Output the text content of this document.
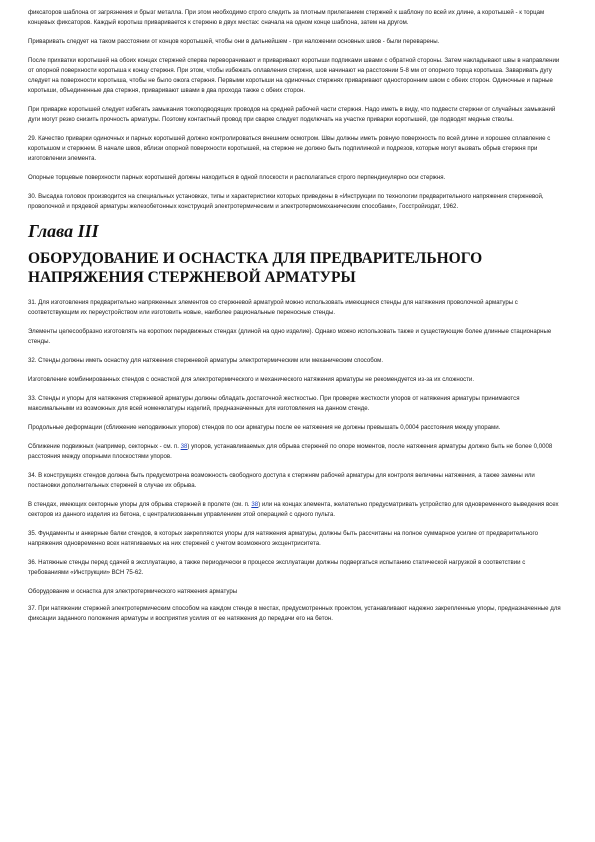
фиксаторов шаблона от загрязнения и брызг металла. При этом необходимо строго следить за плотным прилеганием стержней к шаблону по всей их длине, а коротышей - к торцам концевых фиксаторов. Каждый коротыш приваривается к стержню в двух местах: сначала на одном конце шаблона, затем на другом.

Приваривать следует на таком расстоянии от концов коротышей, чтобы они в дальнейшем - при наложении основных швов - были переварены.

После прихватки коротышей на обоих концах стержней сперва переворачивают и приваривают коротыши подпиками швами с обратной стороны. Затем накладывают швы в направлении от опорной поверхности коротыша к концу стержня. При этом, чтобы избежать оплавления стержня, шов начинают на расстоянии 5-8 мм от опорного торца коротыша. Заваривать дугу следует на поверхности коротыша, чтобы не было ожога стержня. Первыми коротыши на одиночных стержнях приваривают односторонним швом с обеих сторон. Одиночные и парные коротыши, объединенные два стержня, приваривают швами в два прохода также с обеих сторон.

При приварке коротышей следует избегать замыкания токоподводящих проводов на средней рабочей части стержня. Надо иметь в виду, что подвести стержни от случайных замыканий дуги могут резко снизить прочность арматуры. Поэтому контактный провод при сварке следует подключать на участке приварки коротышей, где подводят медные стволы.

29. Качество приварки одиночных и парных коротышей должно контролироваться внешним осмотром. Швы должны иметь ровную поверхность по всей длине и хорошее сплавление с коротышом и стержнем. В начале швов, вблизи опорной поверхности коротышей, на стержне не должно быть подпилинкой и подрезов, которые могут вызвать обрыв стержня при изготовлении элемента.

Опорные торцевые поверхности парных коротышей должны находиться в одной плоскости и располагаться строго перпендикулярно оси стержня.

30. Высадка головок производится на специальных установках, типы и характеристики которых приведены в «Инструкции по технологии предварительного напряжения стержневой, проволочной и прядевой арматуры железобетонных конструкций электротермическим и электротермомеханическим способами», Госстройиздат, 1962.

Глава III
ОБОРУДОВАНИЕ И ОСНАСТКА ДЛЯ ПРЕДВАРИТЕЛЬНОГО НАПРЯЖЕНИЯ СТЕРЖНЕВОЙ АРМАТУРЫ

31. Для изготовления предварительно напряженных элементов со стержневой арматурой можно использовать имеющиеся стенды для натяжения проволочной арматуры с соответствующим их переустройством или изготовить новые, наиболее рациональные переносные стенды.

Элементы целесообразно изготовлять на коротких передвижных стендах (длиной на одно изделие). Однако можно использовать также и существующие более длинные стационарные стенды.

32. Стенды должны иметь оснастку для натяжения стержневой арматуры электротермическим или механическим способом.

Изготовление комбинированных стендов с оснасткой для электротермического и механического натяжения арматуры не рекомендуется из-за их сложности.

33. Стенды и упоры для натяжения стержневой арматуры должны обладать достаточной жесткостью. При проверке жесткости упоров от натяжения арматуры принимаются максимальными из возможных для всей номенклатуры изделий, предназначенных для изготовления на данном стенде.

Продольные деформации (сближение неподвижных упоров) стендов по оси арматуры после ее натяжения не должны превышать 0,0004 расстояния между упорами.

Сближение подвижных (например, секторных - см. п. 38) упоров, устанавливаемых для обрыва стержней по опоре моментов, после натяжения арматуры должно быть не более 0,0008 расстояния между опорными плоскостями упоров.

34. В конструкциях стендов должна быть предусмотрена возможность свободного доступа к стержням рабочей арматуры для контроля величины натяжения, а также замены или постановки дополнительных стержней в случае их обрыва.

В стендах, имеющих секторные упоры для обрыва стержней в пролете (см. п. 38) или на концах элемента, желательно предусматривать устройство для одновременного выведения всех секторов из данного изделия из бетона, с централизованным управлением этой операцией с одного пульта.

35. Фундаменты и анкерные балки стендов, в которых закрепляются упоры для натяжения арматуры, должны быть рассчитаны на полное суммарное усилие от предварительного напряжения одновременно всех натягиваемых на них стержней с учетом возможного эксцентриситета.

36. Натяжные стенды перед сдачей в эксплуатацию, а также периодически в процессе эксплуатации должны подвергаться испытанию статической нагрузкой в соответствии с требованиями «Инструкции» ВСН 75-62.

Оборудование и оснастка для электротермического натяжения арматуры

37. При натяжении стержней электротермическим способом на каждом стенде в местах, предусмотренных проектом, устанавливают надежно закрепленные упоры, предназначенные для фиксации заданного положения арматуры и восприятия усилия от ее натяжения до передачи его на бетон.
